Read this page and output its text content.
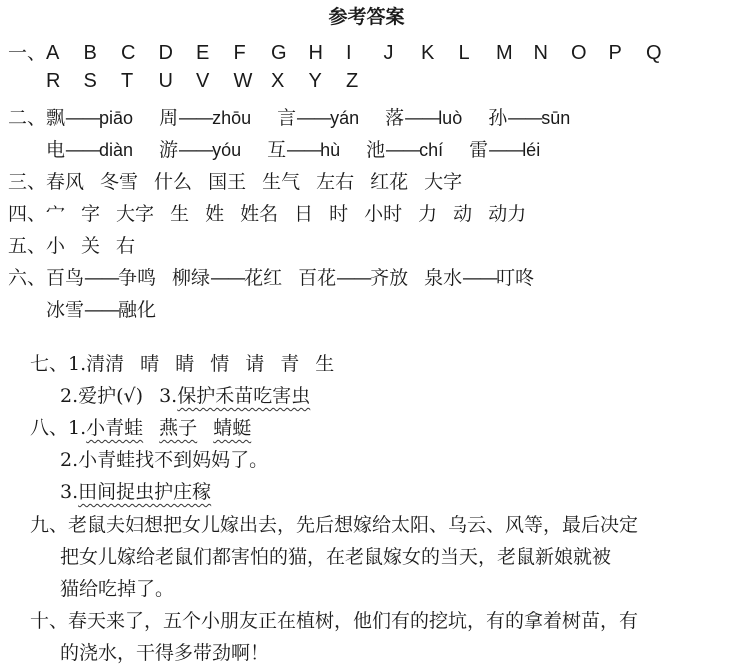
参考答案
一、A B C D E F G H I J K L M N O P Q
R S T U V W X Y Z
二、飘——piāo 周——zhōu 言——yán 落——luò 孙——sūn
电——diàn 游——yóu 互——hù 池——chí 雷——léi
三、春风 冬雪 什么 国王 生气 左右 红花 大字
四、宀 字 大字 生 姓 姓名 日 时 小时 力 动 动力
五、小 关 右
六、百鸟——争鸣 柳绿——花红 百花——齐放 泉水——叮咚
冰雪——融化
七、1.清清 晴 睛 情 请 青 生
2.爱护(√) 3.保护禾苗吃害虫
八、1.小青蛙 燕子 蜻蜓
2.小青蛙找不到妈妈了。
3.田间捉虫护庄稼
九、老鼠夫妇想把女儿嫁出去，先后想嫁给太阳、乌云、风等，最后决定
把女儿嫁给老鼠们都害怕的猫，在老鼠嫁女的当天，老鼠新娘就被
猫给吃掉了。
十、春天来了，五个小朋友正在植树，他们有的挖坑，有的拿着树苗，有
的浇水，干得多带劲啊！
